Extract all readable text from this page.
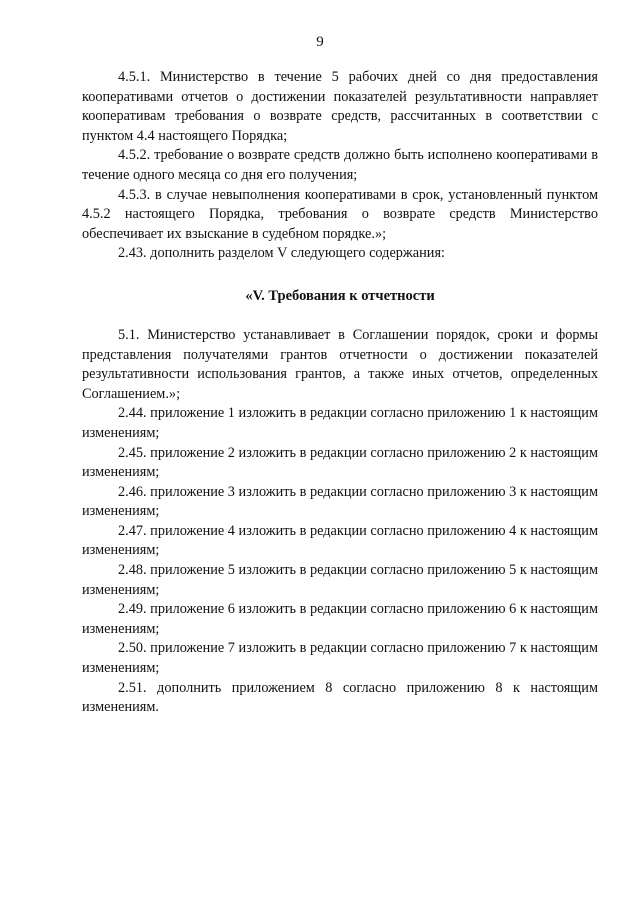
9

4.5.1. Министерство в течение 5 рабочих дней со дня предоставления кооперативами отчетов о достижении показателей результативности направляет кооперативам требования о возврате средств, рассчитанных в соответствии с пунктом 4.4 настоящего Порядка;

4.5.2. требование о возврате средств должно быть исполнено кооперативами в течение одного месяца со дня его получения;

4.5.3. в случае невыполнения кооперативами в срок, установленный пунктом 4.5.2 настоящего Порядка, требования о возврате средств Министерство обеспечивает их взыскание в судебном порядке.»;

2.43. дополнить разделом V следующего содержания:

«V. Требования к отчетности

5.1. Министерство устанавливает в Соглашении порядок, сроки и формы представления получателями грантов отчетности о достижении показателей результативности использования грантов, а также иных отчетов, определенных Соглашением.»;

2.44. приложение 1 изложить в редакции согласно приложению 1 к настоящим изменениям;

2.45. приложение 2 изложить в редакции согласно приложению 2 к настоящим изменениям;

2.46. приложение 3 изложить в редакции согласно приложению 3 к настоящим изменениям;

2.47. приложение 4 изложить в редакции согласно приложению 4 к настоящим изменениям;

2.48. приложение 5 изложить в редакции согласно приложению 5 к настоящим изменениям;

2.49. приложение 6 изложить в редакции согласно приложению 6 к настоящим изменениям;

2.50. приложение 7 изложить в редакции согласно приложению 7 к настоящим изменениям;

2.51. дополнить приложением 8 согласно приложению 8 к настоящим изменениям.
